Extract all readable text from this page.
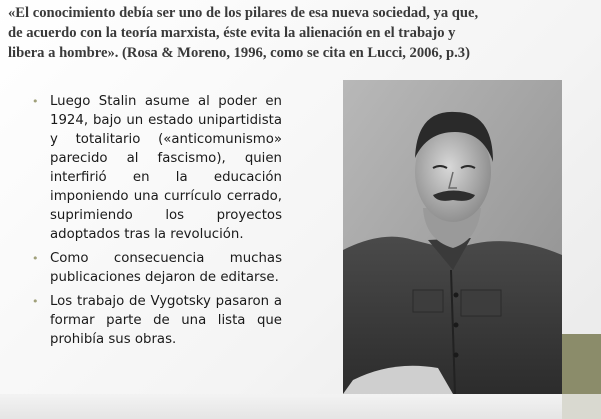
«El conocimiento debía ser uno de los pilares de esa nueva sociedad, ya que,
de acuerdo con la teoría marxista, éste evita la alienación en el trabajo y
libera a hombre». (Rosa & Moreno, 1996, como se cita en Lucci, 2006, p.3)
• Luego Stalin asume al poder en 1924, bajo un estado unipartidista y totalitario («anticomunismo» parecido al fascismo), quien interfirió en la educación imponiendo una currículo cerrado, suprimiendo los proyectos adoptados tras la revolución.
• Como consecuencia muchas publicaciones dejaron de editarse.
• Los trabajo de Vygotsky pasaron a formar parte de una lista que prohibía sus obras.
